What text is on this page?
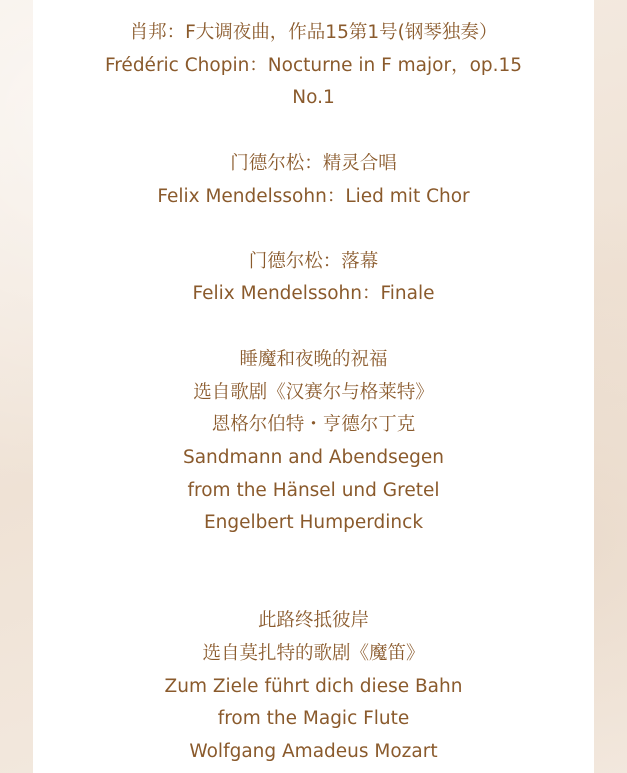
肖邦：F大调夜曲，作品15第1号(钢琴独奏）
Frédéric Chopin：Nocturne in F major，op.15
No.1
门德尔松：精灵合唱
Felix Mendelssohn：Lied mit Chor
门德尔松：落幕
Felix Mendelssohn：Finale
睡魔和夜晚的祝福
选自歌剧《汉赛尔与格莱特》
恩格尔伯特・亨德尔丁克
Sandmann and Abendsegen
from the Hänsel und Gretel
Engelbert Humperdinck
此路终抵彼岸
选自莫扎特的歌剧《魔笛》
Zum Ziele führt dich diese Bahn
from the Magic Flute
Wolfgang Amadeus Mozart
